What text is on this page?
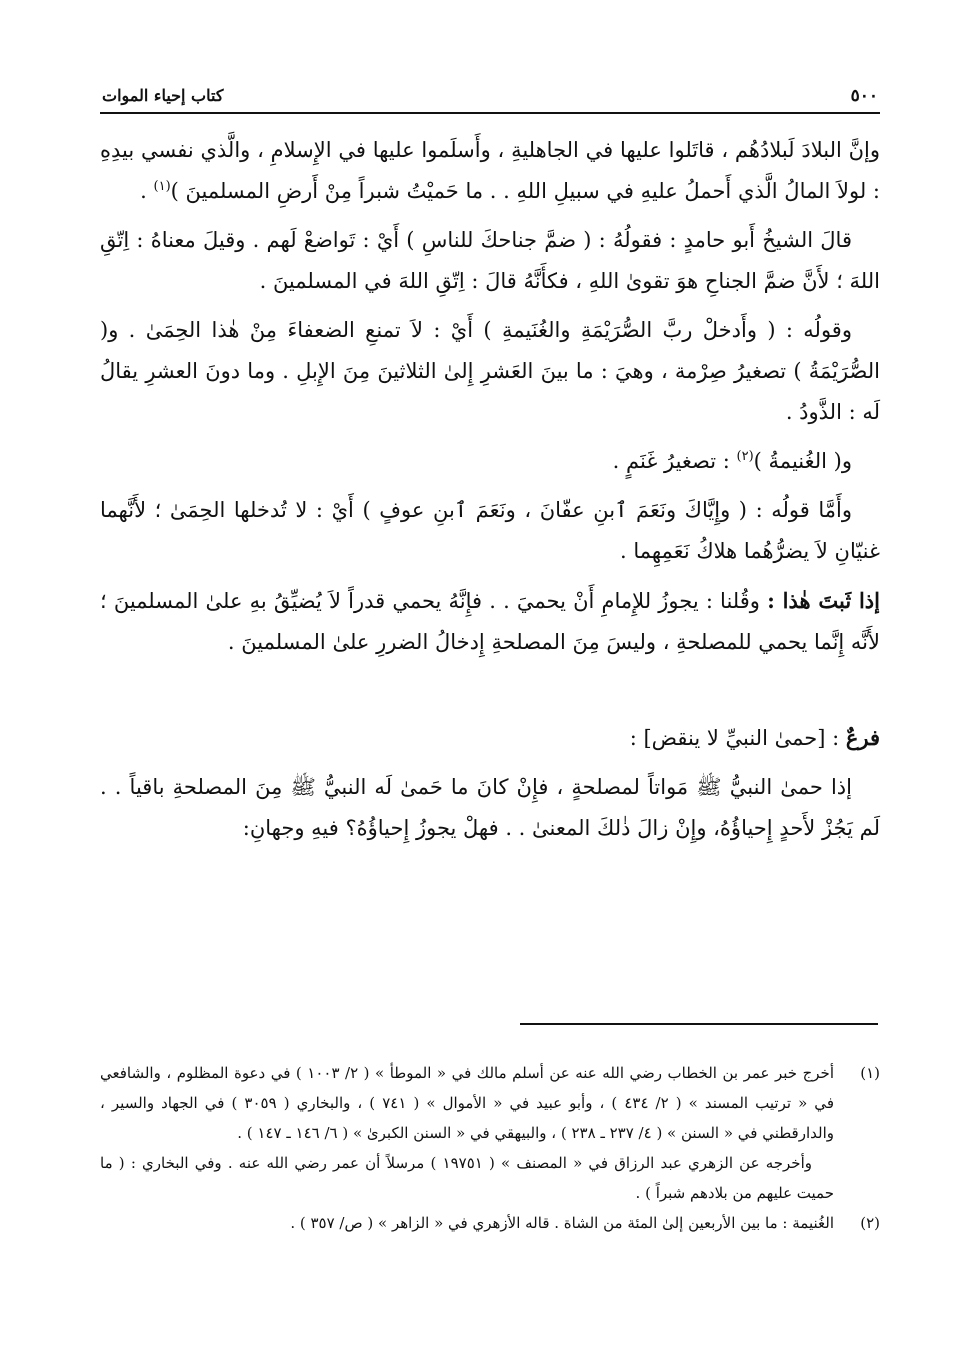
٥٠٠
كتاب إحياء الموات

وإنَّ البلادَ لَبلادُهُم ، قاتَلوا عليها في الجاهليةِ ، وأَسلَموا عليها في الإِسلامِ ، والَّذي نفسي بيدِهِ : لولاَ المالُ الَّذي أَحملُ عليهِ في سبيلِ اللهِ . . ما حَميْتُ شبراً مِنْ أَرضِ المسلمينَ )$^{(١)}$ .

قالَ الشيخُ أَبو حامدٍ : فقولُهُ : ( ضمَّ جناحكَ للناسِ ) أَيْ : تَواضعْ لَهم . وقيلَ معناهُ : اِتّقِ اللهَ ؛ لأَنَّ ضمَّ الجناحِ هوَ تقوىٰ اللهِ ، فكأَنَّهُ قالَ : اِتّقِ اللهَ في المسلمينَ .

وقولُه : ( وأَدخلْ ربَّ الصُّرَيْمَةِ والغُنَيمةِ ) أَيْ : لاَ تمنعِ الضعفاءَ مِنْ هٰذا الحِمَىٰ . و( الصُّرَيْمَةُ ) تصغيرُ صِرْمة ، وهيَ : ما بينَ العَشرِ إِلىٰ الثلاثينَ مِنَ الإِبلِ . وما دونَ العشرِ يقالُ لَه : الذَّودُ .

و( الغُنيمةُ )$^{(٢)}$ : تصغيرُ غَنَمٍ .

وأَمَّا قولُه : ( وإِيَّاكَ ونَعَمَ ٱبنِ عفّانَ ، ونَعَمَ ٱبنِ عوفٍ ) أَيْ : لا تُدخلها الحِمَىٰ ؛ لأَنَّهما غنيّانِ لاَ يضرُّهُما هلاكُ نَعَمِهِما .

إذا ثَبتَ هٰذا : وقُلنا : يجوزُ للإِمامِ أَنْ يحميَ . . فإِنَّهُ يحمي قدراً لاَ يُضيِّقُ بهِ علىٰ المسلمينَ ؛ لأَنَّه إِنَّما يحمي للمصلحةِ ، وليسَ مِنَ المصلحةِ إِدخالُ الضررِ علىٰ المسلمينَ .

فرعٌ : [حمىٰ النبيِّ لا ينقض] :

إذا حمىٰ النبيُّ ﷺ مَواتاً لمصلحةٍ ، فإِنْ كانَ ما حَمىٰ لَه النبيُّ ﷺ مِنَ المصلحةِ باقياً . . لَم يَجُزْ لأَحدٍ إِحياؤُهُ، وإِنْ زالَ ذٰلكَ المعنىٰ . . فهلْ يجوزُ إِحياؤُهُ؟ فيهِ وجهانِ:

(١)
أخرج خبر عمر بن الخطاب رضي الله عنه عن أسلم مالك في « الموطأ » ( ٢/ ١٠٠٣ ) في دعوة المظلوم ، والشافعي في « ترتيب المسند » ( ٢/ ٤٣٤ ) ، وأبو عبيد في « الأموال » ( ٧٤١ ) ، والبخاري ( ٣٠٥٩ ) في الجهاد والسير ، والدارقطني في « السنن » ( ٤/ ٢٣٧ ـ ٢٣٨ ) ، والبيهقي في « السنن الكبرىٰ » ( ٦/ ١٤٦ ـ ١٤٧ ) .

وأخرجه عن الزهري عبد الرزاق في « المصنف » ( ١٩٧٥١ ) مرسلاً أن عمر رضي الله عنه . وفي البخاري : ( ما حميت عليهم من بلادهم شبراً ) .

(٢)
الغُنيمة : ما بين الأربعين إلىٰ المئة من الشاة . قاله الأزهري في « الزاهر » ( ص/ ٣٥٧ ) .
